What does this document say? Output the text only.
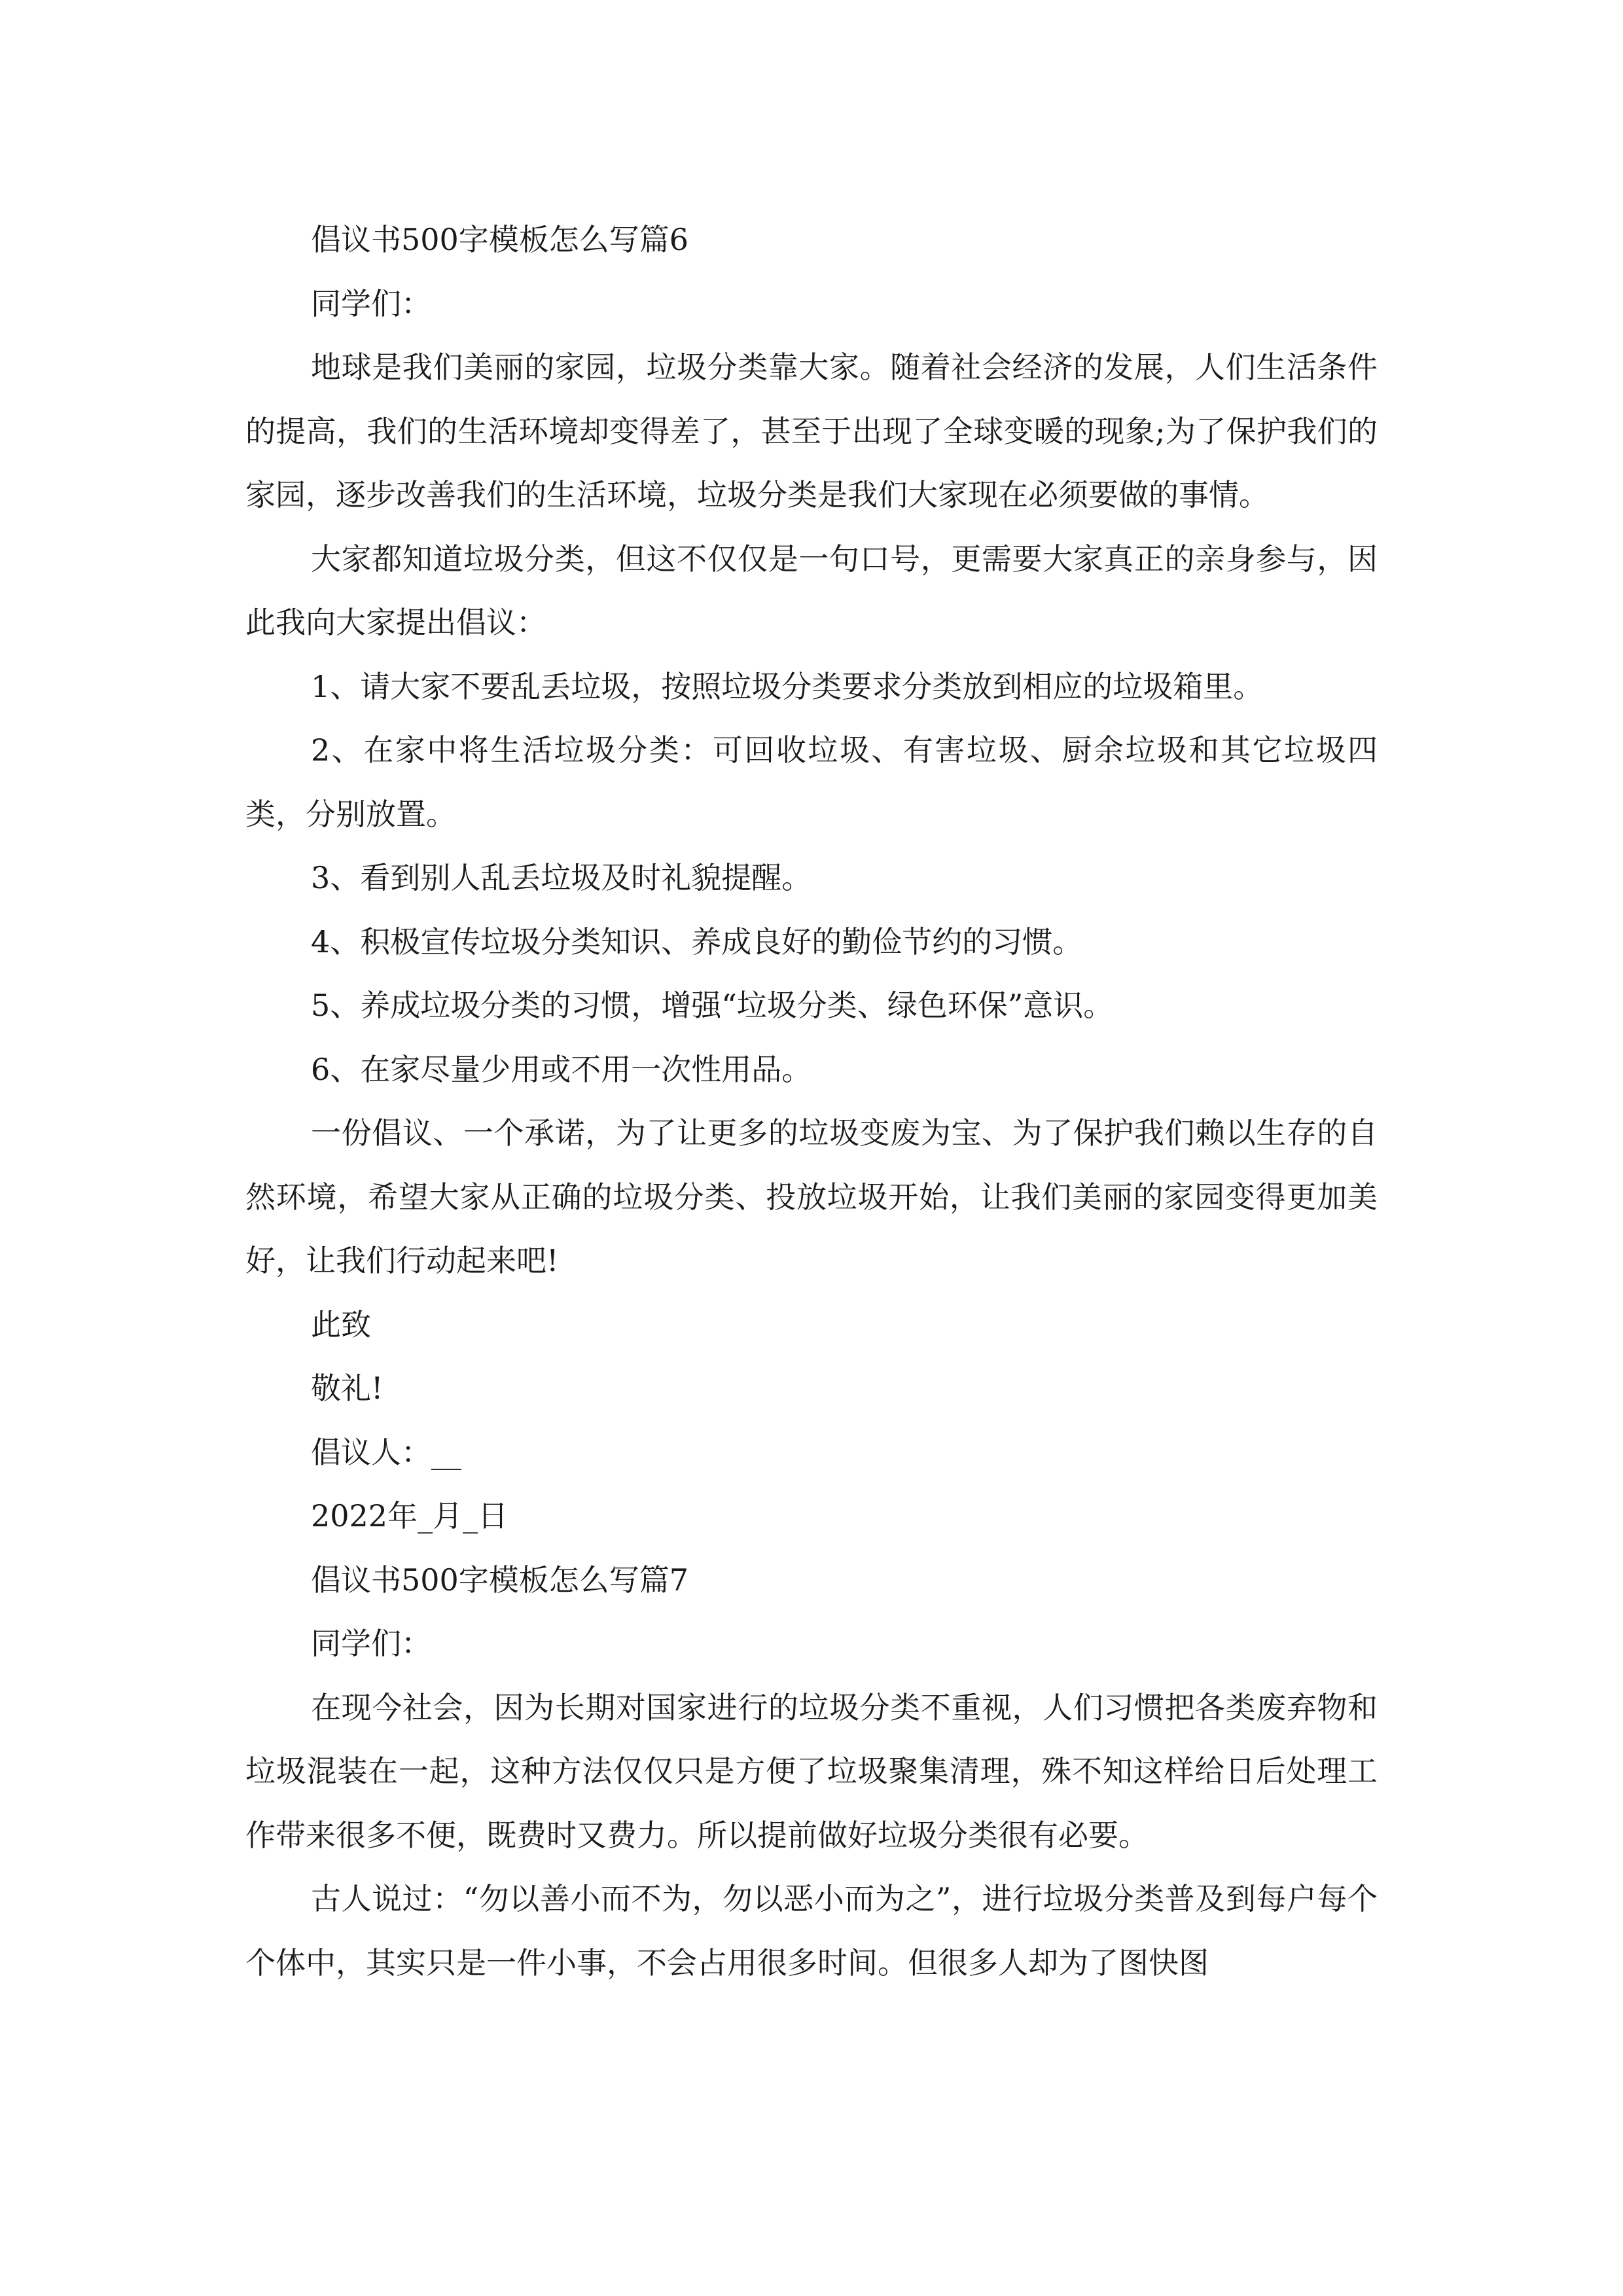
倡议书500字模板怎么写篇6

同学们：

地球是我们美丽的家园，垃圾分类靠大家。随着社会经济的发展，人们生活条件的提高，我们的生活环境却变得差了，甚至于出现了全球变暖的现象;为了保护我们的家园，逐步改善我们的生活环境，垃圾分类是我们大家现在必须要做的事情。

大家都知道垃圾分类，但这不仅仅是一句口号，更需要大家真正的亲身参与，因此我向大家提出倡议：

1、请大家不要乱丢垃圾，按照垃圾分类要求分类放到相应的垃圾箱里。

2、在家中将生活垃圾分类：可回收垃圾、有害垃圾、厨余垃圾和其它垃圾四类，分别放置。

3、看到别人乱丢垃圾及时礼貌提醒。

4、积极宣传垃圾分类知识、养成良好的勤俭节约的习惯。

5、养成垃圾分类的习惯，增强“垃圾分类、绿色环保”意识。

6、在家尽量少用或不用一次性用品。

一份倡议、一个承诺，为了让更多的垃圾变废为宝、为了保护我们赖以生存的自然环境，希望大家从正确的垃圾分类、投放垃圾开始，让我们美丽的家园变得更加美好，让我们行动起来吧!

此致

敬礼!

倡议人：__

2022年_月_日

倡议书500字模板怎么写篇7

同学们：

在现今社会，因为长期对国家进行的垃圾分类不重视，人们习惯把各类废弃物和垃圾混装在一起，这种方法仅仅只是方便了垃圾聚集清理，殊不知这样给日后处理工作带来很多不便，既费时又费力。所以提前做好垃圾分类很有必要。

古人说过：“勿以善小而不为，勿以恶小而为之”，进行垃圾分类普及到每户每个个体中，其实只是一件小事，不会占用很多时间。但很多人却为了图快图
